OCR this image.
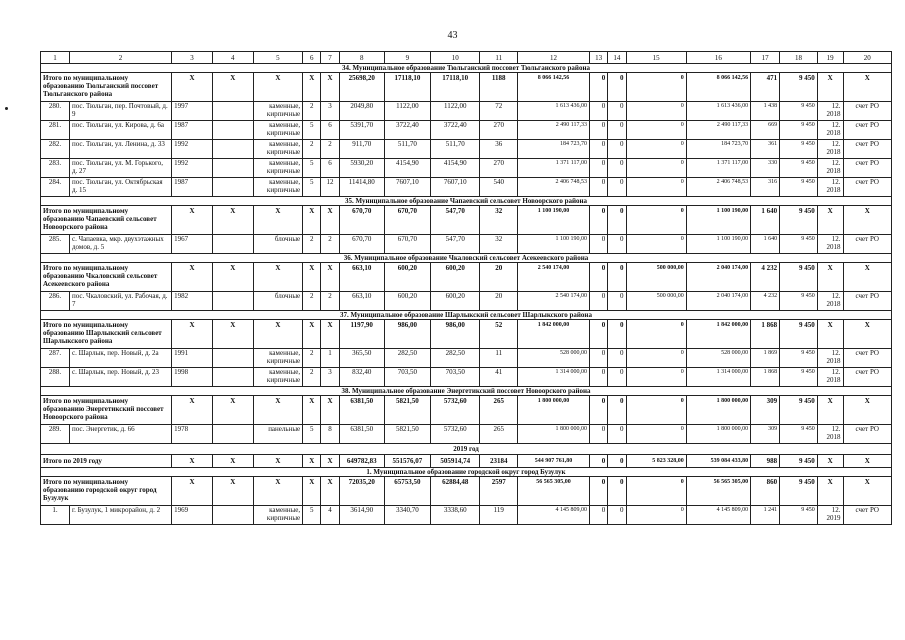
43
1	2	3	4	5	6	7	8	9	10	11	12	13	14	15	16	17	18	19	20
34. Муниципальное образование Тюльганский поссовет Тюльганского района																			
Итого по муниципальному образованию Тюльганский поссовет Тюльганского района		X	X	X	X	X	25698,20	17118,10	17118,10	1188	8 066 142,56	0	0	0	8 066 142,56	471	9 450	X	X
280.	пос. Тюльган, пер. Почтовый, д. 9	1997		каменные, кирпичные	2	3	2049,80	1122,00	1122,00	72	1 613 436,00	0	0	0	1 613 436,00	1 438	9 450	12. 2018	счет РО
281.	пос. Тюльган, ул. Кирова, д. 6а	1987		каменные, кирпичные	5	6	5391,70	3722,40	3722,40	270	2 490 117,33	0	0	0	2 490 117,33	669	9 450	12. 2018	счет РО
282.	пос. Тюльган, ул. Ленина, д. 33	1992		каменные, кирпичные	2	2	911,70	511,70	511,70	36	184 723,70	0	0	0	184 723,70	361	9 450	12. 2018	счет РО
283.	пос. Тюльган, ул. М. Горького, д. 27	1992		каменные, кирпичные	5	6	5930,20	4154,90	4154,90	270	1 371 117,00	0	0	0	1 371 117,00	330	9 450	12. 2018	счет РО
284.	пос. Тюльган, ул. Октябрьская д. 15	1987		каменные, кирпичные	5	12	11414,80	7607,10	7607,10	540	2 406 748,53	0	0	0	2 406 748,53	316	9 450	12. 2018	счет РО
35. Муниципальное образование Чапаевский сельсовет Новоорского района																			
Итого по муниципальному образованию Чапаевский сельсовет Новоорского района		X	X	X	X	X	670,70	670,70	547,70	32	1 100 190,00	0	0	0	1 100 190,00	1 640	9 450	X	X
285.	с. Чапаевка, мкр. двухэтажных домов, д. 5	1967		блочные	2	2	670,70	670,70	547,70	32	1 100 190,00	0	0	0	1 100 190,00	1 640	9 450	12. 2018	счет РО
36. Муниципальное образование Чкаловский сельсовет Асекеевского района																			
Итого по муниципальному образованию Чкаловский сельсовет Асекеевского района		X	X	X	X	X	663,10	600,20	600,20	20	2 540 174,00	0	0	500 000,00	2 040 174,00	4 232	9 450	X	X
286.	пос. Чкаловский, ул. Рабочая, д. 7	1982		блочные	2	2	663,10	600,20	600,20	20	2 540 174,00	0	0	500 000,00	2 040 174,00	4 232	9 450	12. 2018	счет РО
37. Муниципальное образование Шарлыкский сельсовет Шарлыкского района																			
Итого по муниципальному образованию Шарлыкский сельсовет Шарлыкского района		X	X	X	X	X	1197,90	986,00	986,00	52	1 842 000,00	0	0	0	1 842 000,00	1 868	9 450	X	X
287.	с. Шарлык, пер. Новый, д. 2а	1991		каменные, кирпичные	2	1	365,50	282,50	282,50	11	528 000,00	0	0	0	528 000,00	1 869	9 450	12. 2018	счет РО
288.	с. Шарлык, пер. Новый, д. 23	1998		каменные, кирпичные	2	3	832,40	703,50	703,50	41	1 314 000,00	0	0	0	1 314 000,00	1 868	9 450	12. 2018	счет РО
38. Муниципальное образование Энергетикский поссовет Новоорского района																			
Итого по муниципальному образованию Энергетикский поссовет Новоорского района		X	X	X	X	X	6381,50	5821,50	5732,60	265	1 800 000,00	0	0	0	1 800 000,00	309	9 450	X	X
289.	пос. Энергетик, д. 66	1978		панельные	5	8	6381,50	5821,50	5732,60	265	1 800 000,00	0	0	0	1 800 000,00	309	9 450	12. 2018	счет РО
2019 год																			
Итого по 2019 году		X	X	X	X	X	649782,83	551576,07	505914,74	23184	544 907 761,80	0	0	5 823 328,00	539 084 433,80	988	9 450	X	X
1. Муниципальное образование городской округ город Бузулук																			
Итого по муниципальному образованию городской округ город Бузулук		X	X	X	X	X	72035,20	65753,50	62884,48	2597	56 565 305,00	0	0	0	56 565 305,00	860	9 450	X	X
1.	г. Бузулук, 1 микрорайон, д. 2	1969		каменные, кирпичные	5	4	3614,90	3340,70	3338,60	119	4 145 809,00	0	0	0	4 145 809,00	1 241	9 450	12. 2019	счет РО
